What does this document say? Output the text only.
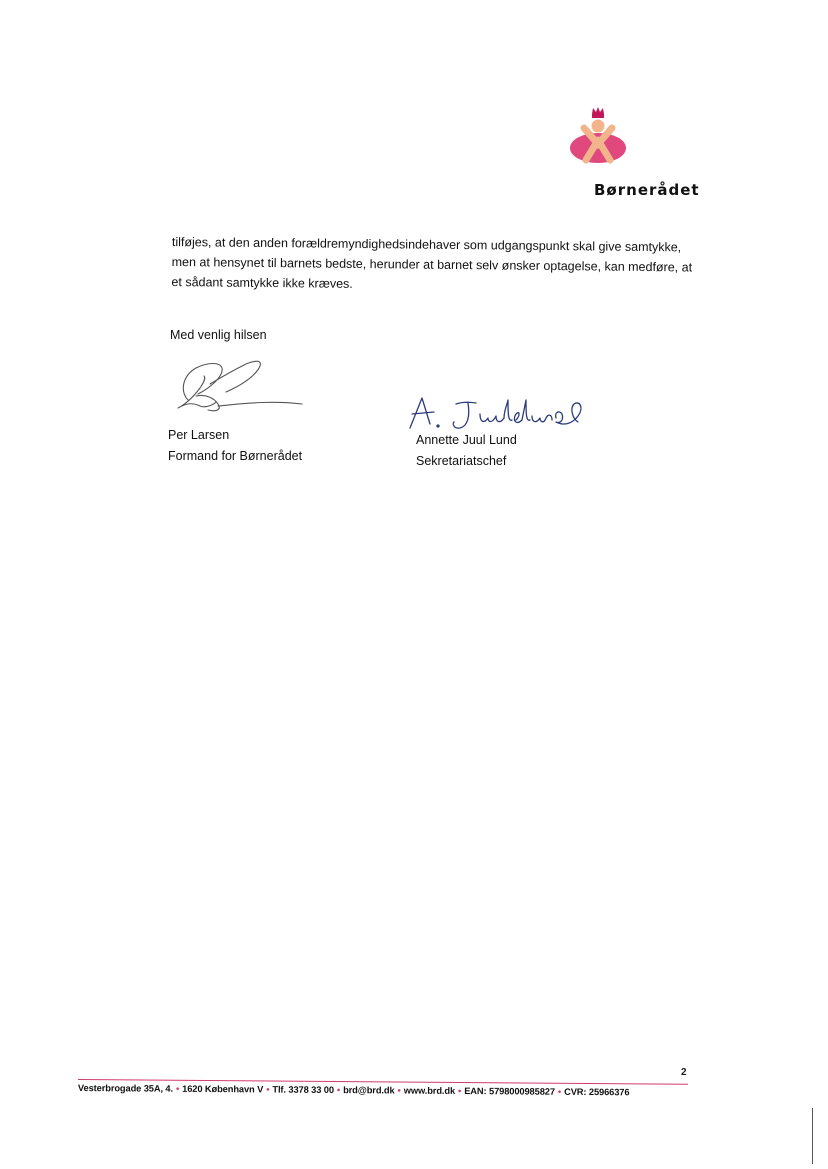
Børnerådet

tilføjes, at den anden forældremyndighedsindehaver som udgangspunkt skal give samtykke,

men at hensynet til barnets bedste, herunder at barnet selv ønsker optagelse, kan medføre, at

et sådant samtykke ikke kræves.

Med venlig hilsen
Per Larsen
Formand for Børnerådet
Annette Juul Lund
Sekretariatschef
2
Vesterbrogade 35A, 4. • 1620 København V • Tlf. 3378 33 00 • brd@brd.dk • www.brd.dk • EAN: 5798000985827 • CVR: 25966376
